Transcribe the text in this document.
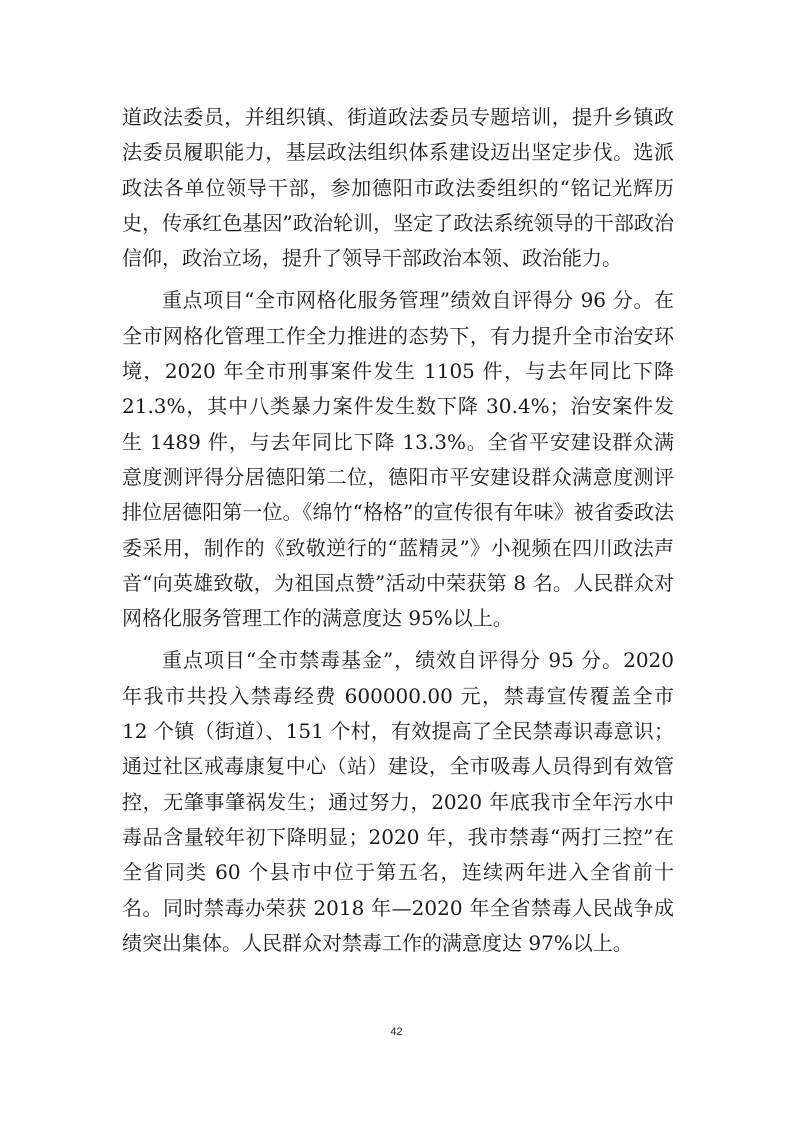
道政法委员，并组织镇、街道政法委员专题培训，提升乡镇政法委员履职能力，基层政法组织体系建设迈出坚定步伐。选派政法各单位领导干部，参加德阳市政法委组织的“铭记光辉历史，传承红色基因”政治轮训，坚定了政法系统领导的干部政治信仰，政治立场，提升了领导干部政治本领、政治能力。

重点项目“全市网格化服务管理”绩效自评得分 96 分。在全市网格化管理工作全力推进的态势下，有力提升全市治安环境，2020 年全市刑事案件发生 1105 件，与去年同比下降 21.3%，其中八类暴力案件发生数下降 30.4%；治安案件发生 1489 件，与去年同比下降 13.3%。全省平安建设群众满意度测评得分居德阳第二位，德阳市平安建设群众满意度测评排位居德阳第一位。《绵竹“格格”的宣传很有年味》被省委政法委采用，制作的《致敬逆行的“蓝精灵”》小视频在四川政法声音“向英雄致敬，为祖国点赞”活动中荣获第 8 名。人民群众对网格化服务管理工作的满意度达 95%以上。

重点项目“全市禁毒基金”，绩效自评得分 95 分。2020 年我市共投入禁毒经费 600000.00 元，禁毒宣传覆盖全市 12 个镇（街道）、151 个村，有效提高了全民禁毒识毒意识；通过社区戒毒康复中心（站）建设，全市吸毒人员得到有效管控，无肇事肇祸发生；通过努力，2020 年底我市全年污水中毒品含量较年初下降明显；2020 年，我市禁毒“两打三控”在全省同类 60 个县市中位于第五名，连续两年进入全省前十名。同时禁毒办荣获 2018 年—2020 年全省禁毒人民战争成绩突出集体。人民群众对禁毒工作的满意度达 97%以上。

42
